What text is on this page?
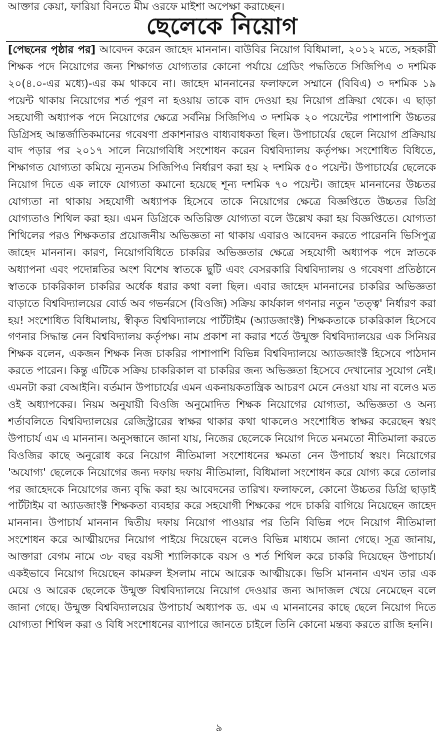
আক্তার কেয়া, ফারিয়া বিনতে মীম ওরফে মাইশা অপেক্ষা করাচ্ছেন।
ছেলেকে নিয়োগ

[পেছনের পৃষ্ঠার পর] আবেদন করেন জাহেদ মাননান। বাউবির নিয়োগ বিধিমালা, ২০১২ মতে, সহকারী শিক্ষক পদে নিয়োগের জন্য শিক্ষাগত যোগ্যতার কোনো পর্যায়ে গ্রেডিং পদ্ধতিতে সিজিপিএ ৩ দশমিক ২০(৪.০-এর মধ্যে)-এর কম থাকবে না। জাহেদ মাননানের ফলাফলে সম্মানে (বিবিএ) ৩ দশমিক ১৯ পয়েন্ট থাকায় নিয়োগের শর্ত পূরণ না হওয়ায় তাকে বাদ দেওয়া হয় নিয়োগ প্রক্রিয়া থেকে। এ ছাড়া সহযোগী অধ্যাপক পদে নিয়োগের ক্ষেত্রে সর্বনিম্ন সিজিপিএ ৩ দশমিক ২০ পয়েন্টের পাশাপাশি উচ্চতর ডিগ্রিসহ আন্তর্জাতিকমানের গবেষণা প্রকাশনারও বাধ্যবাধকতা ছিল। উপাচার্যের ছেলে নিয়োগ প্রক্রিয়ায় বাদ পড়ার পর ২০১৭ সালে নিয়োগবিধি সংশোধন করেন বিশ্ববিদ্যালয় কর্তৃপক্ষ। সংশোধিত বিধিতে, শিক্ষাগত যোগ্যতা কমিয়ে ন্যূনতম সিজিপিএ নির্ধারণ করা হয় ২ দশমিক ৫০ পয়েন্ট। উপাচার্যের ছেলেকে নিয়োগ দিতে এক লাফে যোগ্যতা কমানো হয়েছে শূন্য দশমিক ৭০ পয়েন্ট। জাহেদ মাননানের উচ্চতর যোগ্যতা না থাকায় সহযোগী অধ্যাপক হিসেবে তাকে নিয়োগের ক্ষেত্রে বিজ্ঞপ্তিতে উচ্চতর ডিগ্রি যোগ্যতাও শিথিল করা হয়। এমন ডিগ্রিকে অতিরিক্ত যোগ্যতা বলে উল্লেখ করা হয় বিজ্ঞপ্তিতে। যোগ্যতা শিথিলের পরও শিক্ষকতার প্রয়োজনীয় অভিজ্ঞতা না থাকায় এবারও আবেদন করতে পারেননি ভিসিপুত্র জাহেদ মাননান। কারণ, নিয়োগবিধিতে চাকরির অভিজ্ঞতার ক্ষেত্রে সহযোগী অধ্যাপক পদে স্নাতকে অধ্যাপনা এবং পদোন্নতির অংশ বিশেষ স্বাতকে ছুটি এবং বেসরকারি বিশ্ববিদ্যালয় ও গবেষণা প্রতিষ্ঠানে স্বাতকে চাকরিকাল চাকরির অর্ধেক ধরার কথা বলা ছিল। এবার জাহেদ মাননানের চাকরির অভিজ্ঞতা বাড়াতে বিশ্ববিদ্যালয়ের বোর্ড অব গভর্নরসে (বিওজি) সক্রিয় কার্যকাল গণনার নতুন 'তত্ত্ব' নির্ধারণ করা হয়! সংশোধিত বিধিমালায়, স্বীকৃত বিশ্ববিদ্যালয়ে পার্টটাইম (অ্যাডজাংক্ট) শিক্ষকতাকে চাকরিকাল হিসেবে গণনার সিদ্ধান্ত নেন বিশ্ববিদ্যালয় কর্তৃপক্ষ। নাম প্রকাশ না করার শর্তে উন্মুক্ত বিশ্ববিদ্যালয়ের এক সিনিয়র শিক্ষক বলেন, একজন শিক্ষক নিজ চাকরির পাশাপাশি বিভিন্ন বিশ্ববিদ্যালয়ে অ্যাডজাংক্ট হিসেবে পাঠদান করতে পারেন। কিন্তু এটিকে সক্রিয় চাকরিকাল বা চাকরির জন্য অভিজ্ঞতা হিসেবে দেখানোর সুযোগ নেই। এমনটা করা বেআইনি। বর্তমান উপাচার্যের এমন একনায়কতান্ত্রিক আচরণ মেনে নেওয়া যায় না বলেও মত ওই অধ্যাপকের। নিয়ম অনুযায়ী বিওজি অনুমোদিত শিক্ষক নিয়োগের যোগ্যতা, অভিজ্ঞতা ও অন্য শর্তাবলিতে বিশ্ববিদ্যালয়ের রেজিস্ট্রারের স্বাক্ষর থাকার কথা থাকলেও সংশোধিত স্বাক্ষর করেছেন স্বয়ং উপাচার্য এম এ মাননান। অনুসন্ধানে জানা যায়, নিজের ছেলেকে নিয়োগ দিতে মনমতো নীতিমালা করতে বিওজির কাছে অনুরোধ করে নিয়োগ নীতিমালা সংশোধনের ক্ষমতা নেন উপাচার্য স্বয়ং। নিয়োগের 'অযোগ্য' ছেলেকে নিয়োগের জন্য দফায় দফায় নীতিমালা, বিধিমালা সংশোধন করে যোগ্য করে তোলার পর জাহেদকে নিয়োগের জন্য বৃদ্ধি করা হয় আবেদনের তারিখ। ফলাফলে, কোনো উচ্চতর ডিগ্রি ছাড়াই পার্টটাইম বা অ্যাডজাংক্ট শিক্ষকতা ব্যবহার করে সহযোগী শিক্ষকের পদে চাকরি বাগিয়ে নিয়েছেন জাহেদ মাননান। উপাচার্য মাননান দ্বিতীয় দফায় নিয়োগ পাওয়ার পর তিনি বিভিন্ন পদে নিয়োগ নীতিমালা সংশোধন করে আত্মীয়দের নিয়োগ পাইয়ে দিয়েছেন বলেও বিভিন্ন মাধ্যমে জানা গেছে। সূত্র জানায়, আক্তারা বেগম নামে ৩৮ বছর বয়সী শ্যালিকাকে বয়স ও শর্ত শিথিল করে চাকরি দিয়েছেন উপাচার্য। একইভাবে নিয়োগ দিয়েছেন কামরুল ইসলাম নামে আরেক আত্মীয়কে। ভিসি মাননান এখন তার এক মেয়ে ও আরেক ছেলেকে উন্মুক্ত বিশ্ববিদ্যালয়ে নিয়োগ দেওয়ার জন্য আদাজল খেয়ে নেমেছেন বলে জানা গেছে। উন্মুক্ত বিশ্ববিদ্যালয়ের উপাচার্য অধ্যাপক ড. এম এ মাননানের কাছে ছেলে নিয়োগ দিতে যোগ্যতা শিথিল করা ও বিধি সংশোধনের ব্যাপারে জানতে চাইলে তিনি কোনো মন্তব্য করতে রাজি হননি।

৯
